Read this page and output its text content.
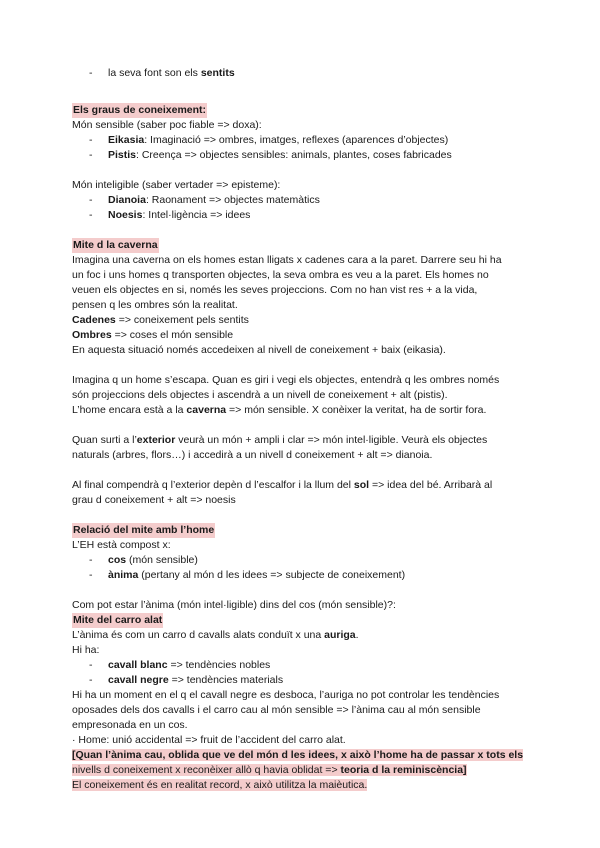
- la seva font son els sentits
Els graus de coneixement:
Món sensible (saber poc fiable => doxa):
- Eikasia: Imaginació => ombres, imatges, reflexes (aparences d’objectes)
- Pistis: Creença => objectes sensibles: animals, plantes, coses fabricades
Món inteligible (saber vertader => episteme):
- Dianoia: Raonament => objectes matemàtics
- Noesis: Intel·ligència => idees
Mite d la caverna
Imagina una caverna on els homes estan lligats x cadenes cara a la paret. Darrere seu hi ha
un foc i uns homes q transporten objectes, la seva ombra es veu a la paret. Els homes no
veuen els objectes en si, només les seves projeccions. Com no han vist res + a la vida,
pensen q les ombres són la realitat.
Cadenes => coneixement pels sentits
Ombres => coses el món sensible
En aquesta situació només accedeixen al nivell de coneixement + baix (eikasia).
Imagina q un home s’escapa. Quan es giri i vegi els objectes, entendrà q les ombres només
són projeccions dels objectes i ascendrà a un nivell de coneixement + alt (pistis).
L’home encara està a la caverna => món sensible. X conèixer la veritat, ha de sortir fora.
Quan surti a l’exterior veurà un món + ampli i clar => món intel·ligible. Veurà els objectes
naturals (arbres, flors…) i accedirà a un nivell d coneixement + alt => dianoia.
Al final compendrà q l’exterior depèn d l’escalfor i la llum del sol => idea del bé. Arribarà al
grau d coneixement + alt => noesis
Relació del mite amb l’home
L’EH està compost x:
- cos (món sensible)
- ànima (pertany al món d les idees => subjecte de coneixement)
Com pot estar l’ànima (món intel·ligible) dins del cos (món sensible)?:
Mite del carro alat
L’ànima és com un carro d cavalls alats conduït x una auriga.
Hi ha:
- cavall blanc => tendències nobles
- cavall negre => tendències materials
Hi ha un moment en el q el cavall negre es desboca, l’auriga no pot controlar les tendències
oposades dels dos cavalls i el carro cau al món sensible => l’ànima cau al món sensible
empresonada en un cos.
· Home: unió accidental => fruit de l’accident del carro alat.
[Quan l’ànima cau, oblida que ve del món d les idees, x això l’home ha de passar x tots els
nivells d coneixement x reconèixer allò q havia oblidat => teoria d la reminiscència]
El coneixement és en realitat record, x això utilitza la maièutica.
